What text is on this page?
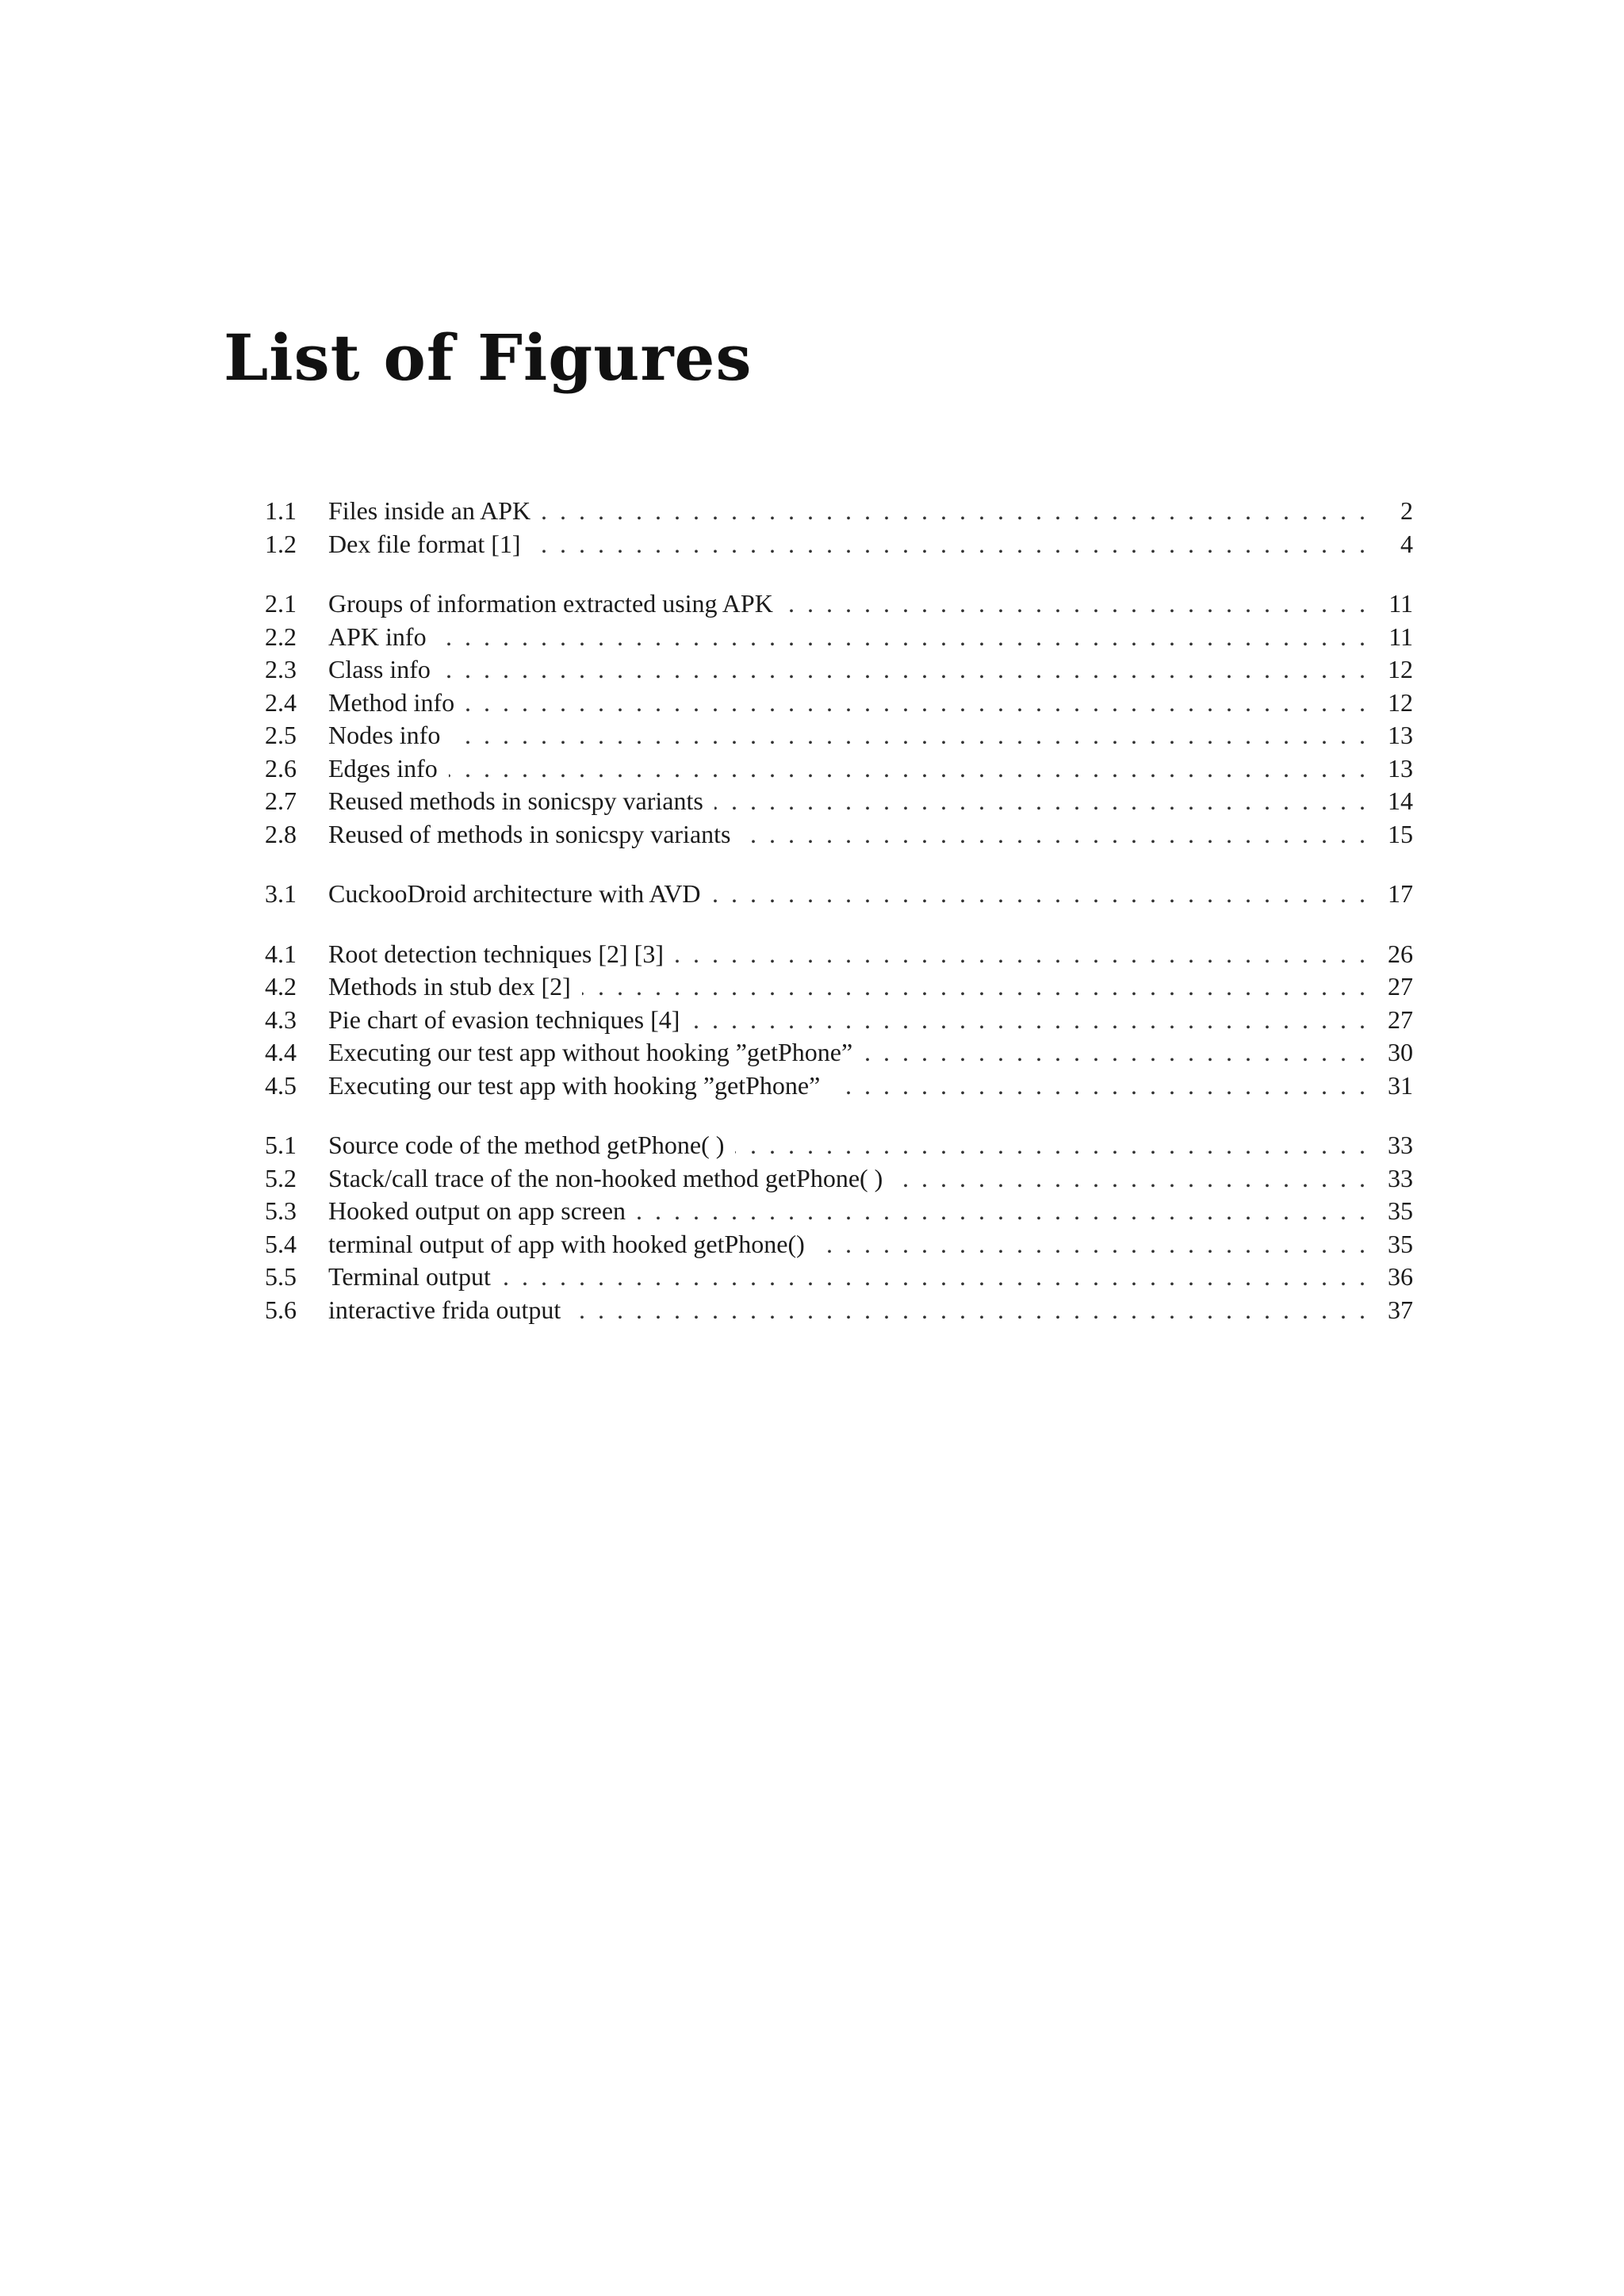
List of Figures
1.1	Files inside an APK . . .	2
1.2	Dex file format [1] . . .	4
2.1	Groups of information extracted using APK . . .	11
2.2	APK info . . .	11
2.3	Class info . . .	12
2.4	Method info . . .	12
2.5	Nodes info . . .	13
2.6	Edges info . . .	13
2.7	Reused methods in sonicspy variants . . .	14
2.8	Reused of methods in sonicspy variants . . .	15
3.1	CuckooDroid architecture with AVD . . .	17
4.1	Root detection techniques [2] [3] . . .	26
4.2	Methods in stub dex [2] . . .	27
4.3	Pie chart of evasion techniques [4] . . .	27
4.4	Executing our test app without hooking ”getPhone” . . .	30
4.5	Executing our test app with hooking ”getPhone” . . .	31
5.1	Source code of the method getPhone( ) . . .	33
5.2	Stack/call trace of the non-hooked method getPhone( ) . . .	33
5.3	Hooked output on app screen . . .	35
5.4	terminal output of app with hooked getPhone() . . .	35
5.5	Terminal output . . .	36
5.6	interactive frida output . . .	37
